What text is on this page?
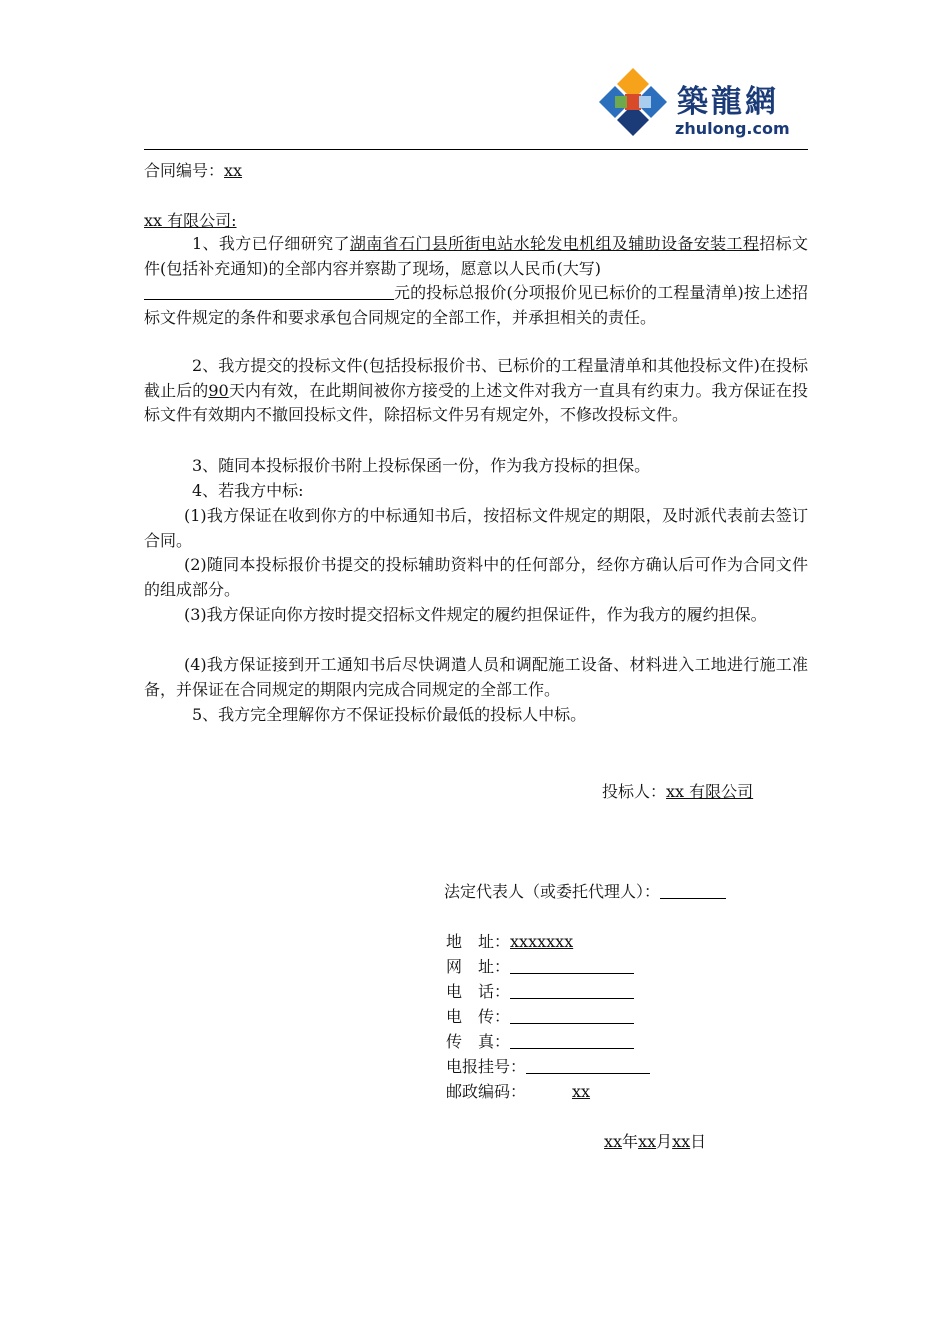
築龍網
zhulong.com
合同编号：xx
xx 有限公司:
1、我方已仔细研究了湖南省石门县所街电站水轮发电机组及辅助设备安装工程招标文件(包括补充通知)的全部内容并察勘了现场，愿意以人民币(大写)
元的投标总报价(分项报价见已标价的工程量清单)按上述招标文件规定的条件和要求承包合同规定的全部工作，并承担相关的责任。
2、我方提交的投标文件(包括投标报价书、已标价的工程量清单和其他投标文件)在投标截止后的90天内有效，在此期间被你方接受的上述文件对我方一直具有约束力。我方保证在投标文件有效期内不撤回投标文件，除招标文件另有规定外，不修改投标文件。
3、随同本投标报价书附上投标保函一份，作为我方投标的担保。
4、若我方中标:
(1)我方保证在收到你方的中标通知书后，按招标文件规定的期限，及时派代表前去签订合同。
(2)随同本投标报价书提交的投标辅助资料中的任何部分，经你方确认后可作为合同文件的组成部分。
(3)我方保证向你方按时提交招标文件规定的履约担保证件，作为我方的履约担保。
(4)我方保证接到开工通知书后尽快调遣人员和调配施工设备、材料进入工地进行施工准备，并保证在合同规定的期限内完成合同规定的全部工作。
5、我方完全理解你方不保证投标价最低的投标人中标。
投标人：xx 有限公司
法定代表人（或委托代理人）：
地　址：xxxxxxx
网　址：
电　话：
电　传：
传　真：
电报挂号：
邮政编码：	xx
xx年xx月xx日
